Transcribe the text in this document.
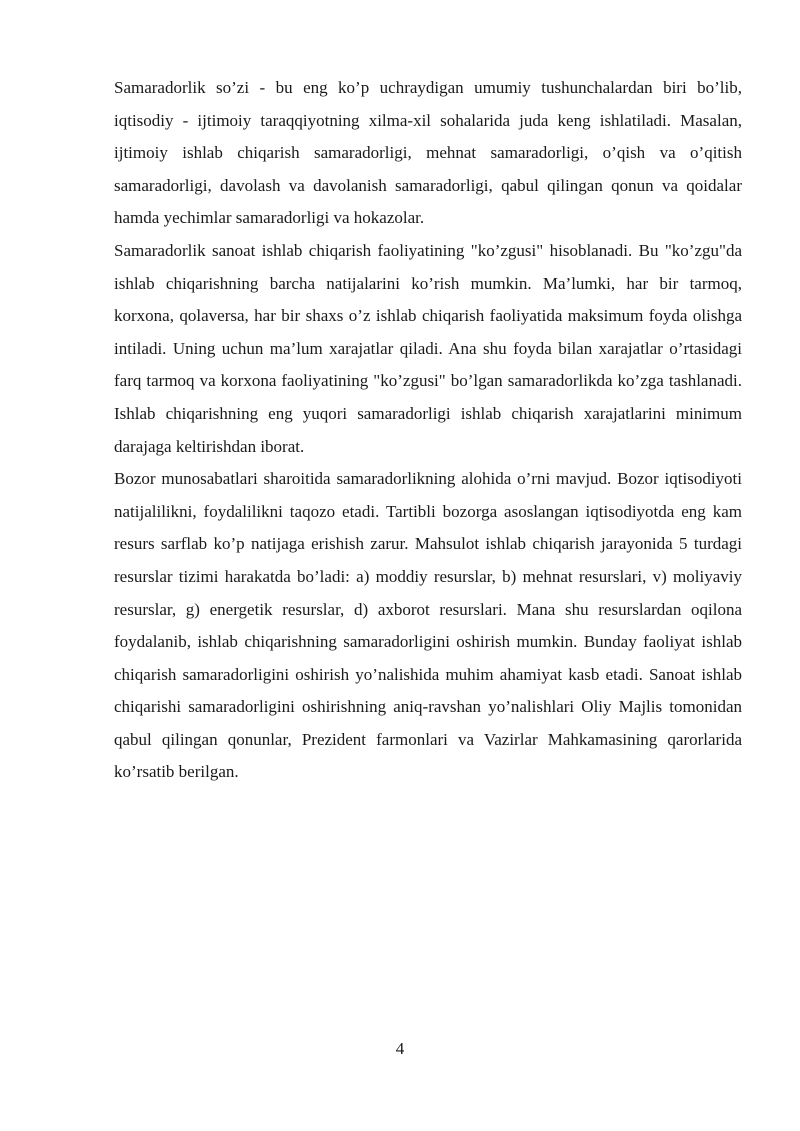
Samaradorlik so’zi - bu eng ko’p uchraydigan umumiy tushunchalardan biri bo’lib, iqtisodiy - ijtimoiy taraqqiyotning xilma-xil sohalarida juda keng ishlatiladi. Masalan, ijtimoiy ishlab chiqarish samaradorligi, mehnat samaradorligi, o’qish va o’qitish samaradorligi, davolash va davolanish samaradorligi, qabul qilingan qonun va qoidalar hamda yechimlar samaradorligi va hokazolar.

Samaradorlik sanoat ishlab chiqarish faoliyatining "ko’zgusi" hisoblanadi. Bu "ko’zgu"da ishlab chiqarishning barcha natijalarini ko’rish mumkin. Ma’lumki, har bir tarmoq, korxona, qolaversa, har bir shaxs o’z ishlab chiqarish faoliyatida maksimum foyda olishga intiladi. Uning uchun ma’lum xarajatlar qiladi. Ana shu foyda bilan xarajatlar o’rtasidagi farq tarmoq va korxona faoliyatining "ko’zgusi" bo’lgan samaradorlikda ko’zga tashlanadi. Ishlab chiqarishning eng yuqori samaradorligi ishlab chiqarish xarajatlarini minimum darajaga keltirishdan iborat.

Bozor munosabatlari sharoitida samaradorlikning alohida o’rni mavjud. Bozor iqtisodiyoti natijalilikni, foydalilikni taqozo etadi. Tartibli bozorga asoslangan iqtisodiyotda eng kam resurs sarflab ko’p natijaga erishish zarur. Mahsulot ishlab chiqarish jarayonida 5 turdagi resurslar tizimi harakatda bo’ladi: a) moddiy resurslar, b) mehnat resurslari, v) moliyaviy resurslar, g) energetik resurslar, d) axborot resurslari. Mana shu resurslardan oqilona foydalanib, ishlab chiqarishning samaradorligini oshirish mumkin. Bunday faoliyat ishlab chiqarish samaradorligini oshirish yo’nalishida muhim ahamiyat kasb etadi. Sanoat ishlab chiqarishi samaradorligini oshirishning aniq-ravshan yo’nalishlari Oliy Majlis tomonidan qabul qilingan qonunlar, Prezident farmonlari va Vazirlar Mahkamasining qarorlarida ko’rsatib berilgan.

4
